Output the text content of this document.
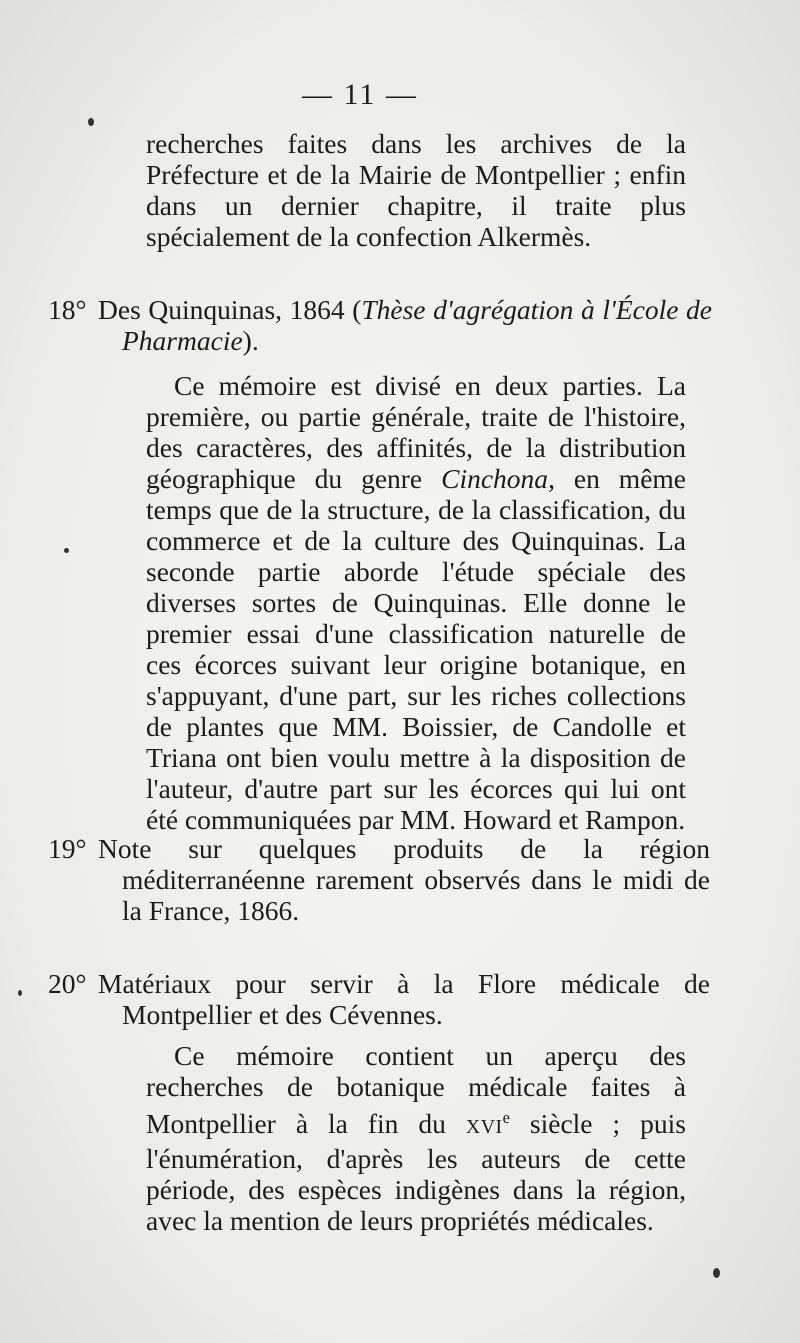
— 11 —
recherches faites dans les archives de la Préfecture et de la Mairie de Montpellier ; enfin dans un dernier chapitre, il traite plus spécialement de la confection Alkermès.
18° Des Quinquinas, 1864 (Thèse d'agrégation à l'École de Pharmacie).
Ce mémoire est divisé en deux parties. La première, ou partie générale, traite de l'histoire, des caractères, des affinités, de la distribution géographique du genre Cinchona, en même temps que de la structure, de la classification, du commerce et de la culture des Quinquinas. La seconde partie aborde l'étude spéciale des diverses sortes de Quinquinas. Elle donne le premier essai d'une classification naturelle de ces écorces suivant leur origine botanique, en s'appuyant, d'une part, sur les riches collections de plantes que MM. Boissier, de Candolle et Triana ont bien voulu mettre à la disposition de l'auteur, d'autre part sur les écorces qui lui ont été communiquées par MM. Howard et Rampon.
19° Note sur quelques produits de la région méditerranéenne rarement observés dans le midi de la France, 1866.
20° Matériaux pour servir à la Flore médicale de Montpellier et des Cévennes.
Ce mémoire contient un aperçu des recherches de botanique médicale faites à Montpellier à la fin du XVIe siècle ; puis l'énumération, d'après les auteurs de cette période, des espèces indigènes dans la région, avec la mention de leurs propriétés médicales.
